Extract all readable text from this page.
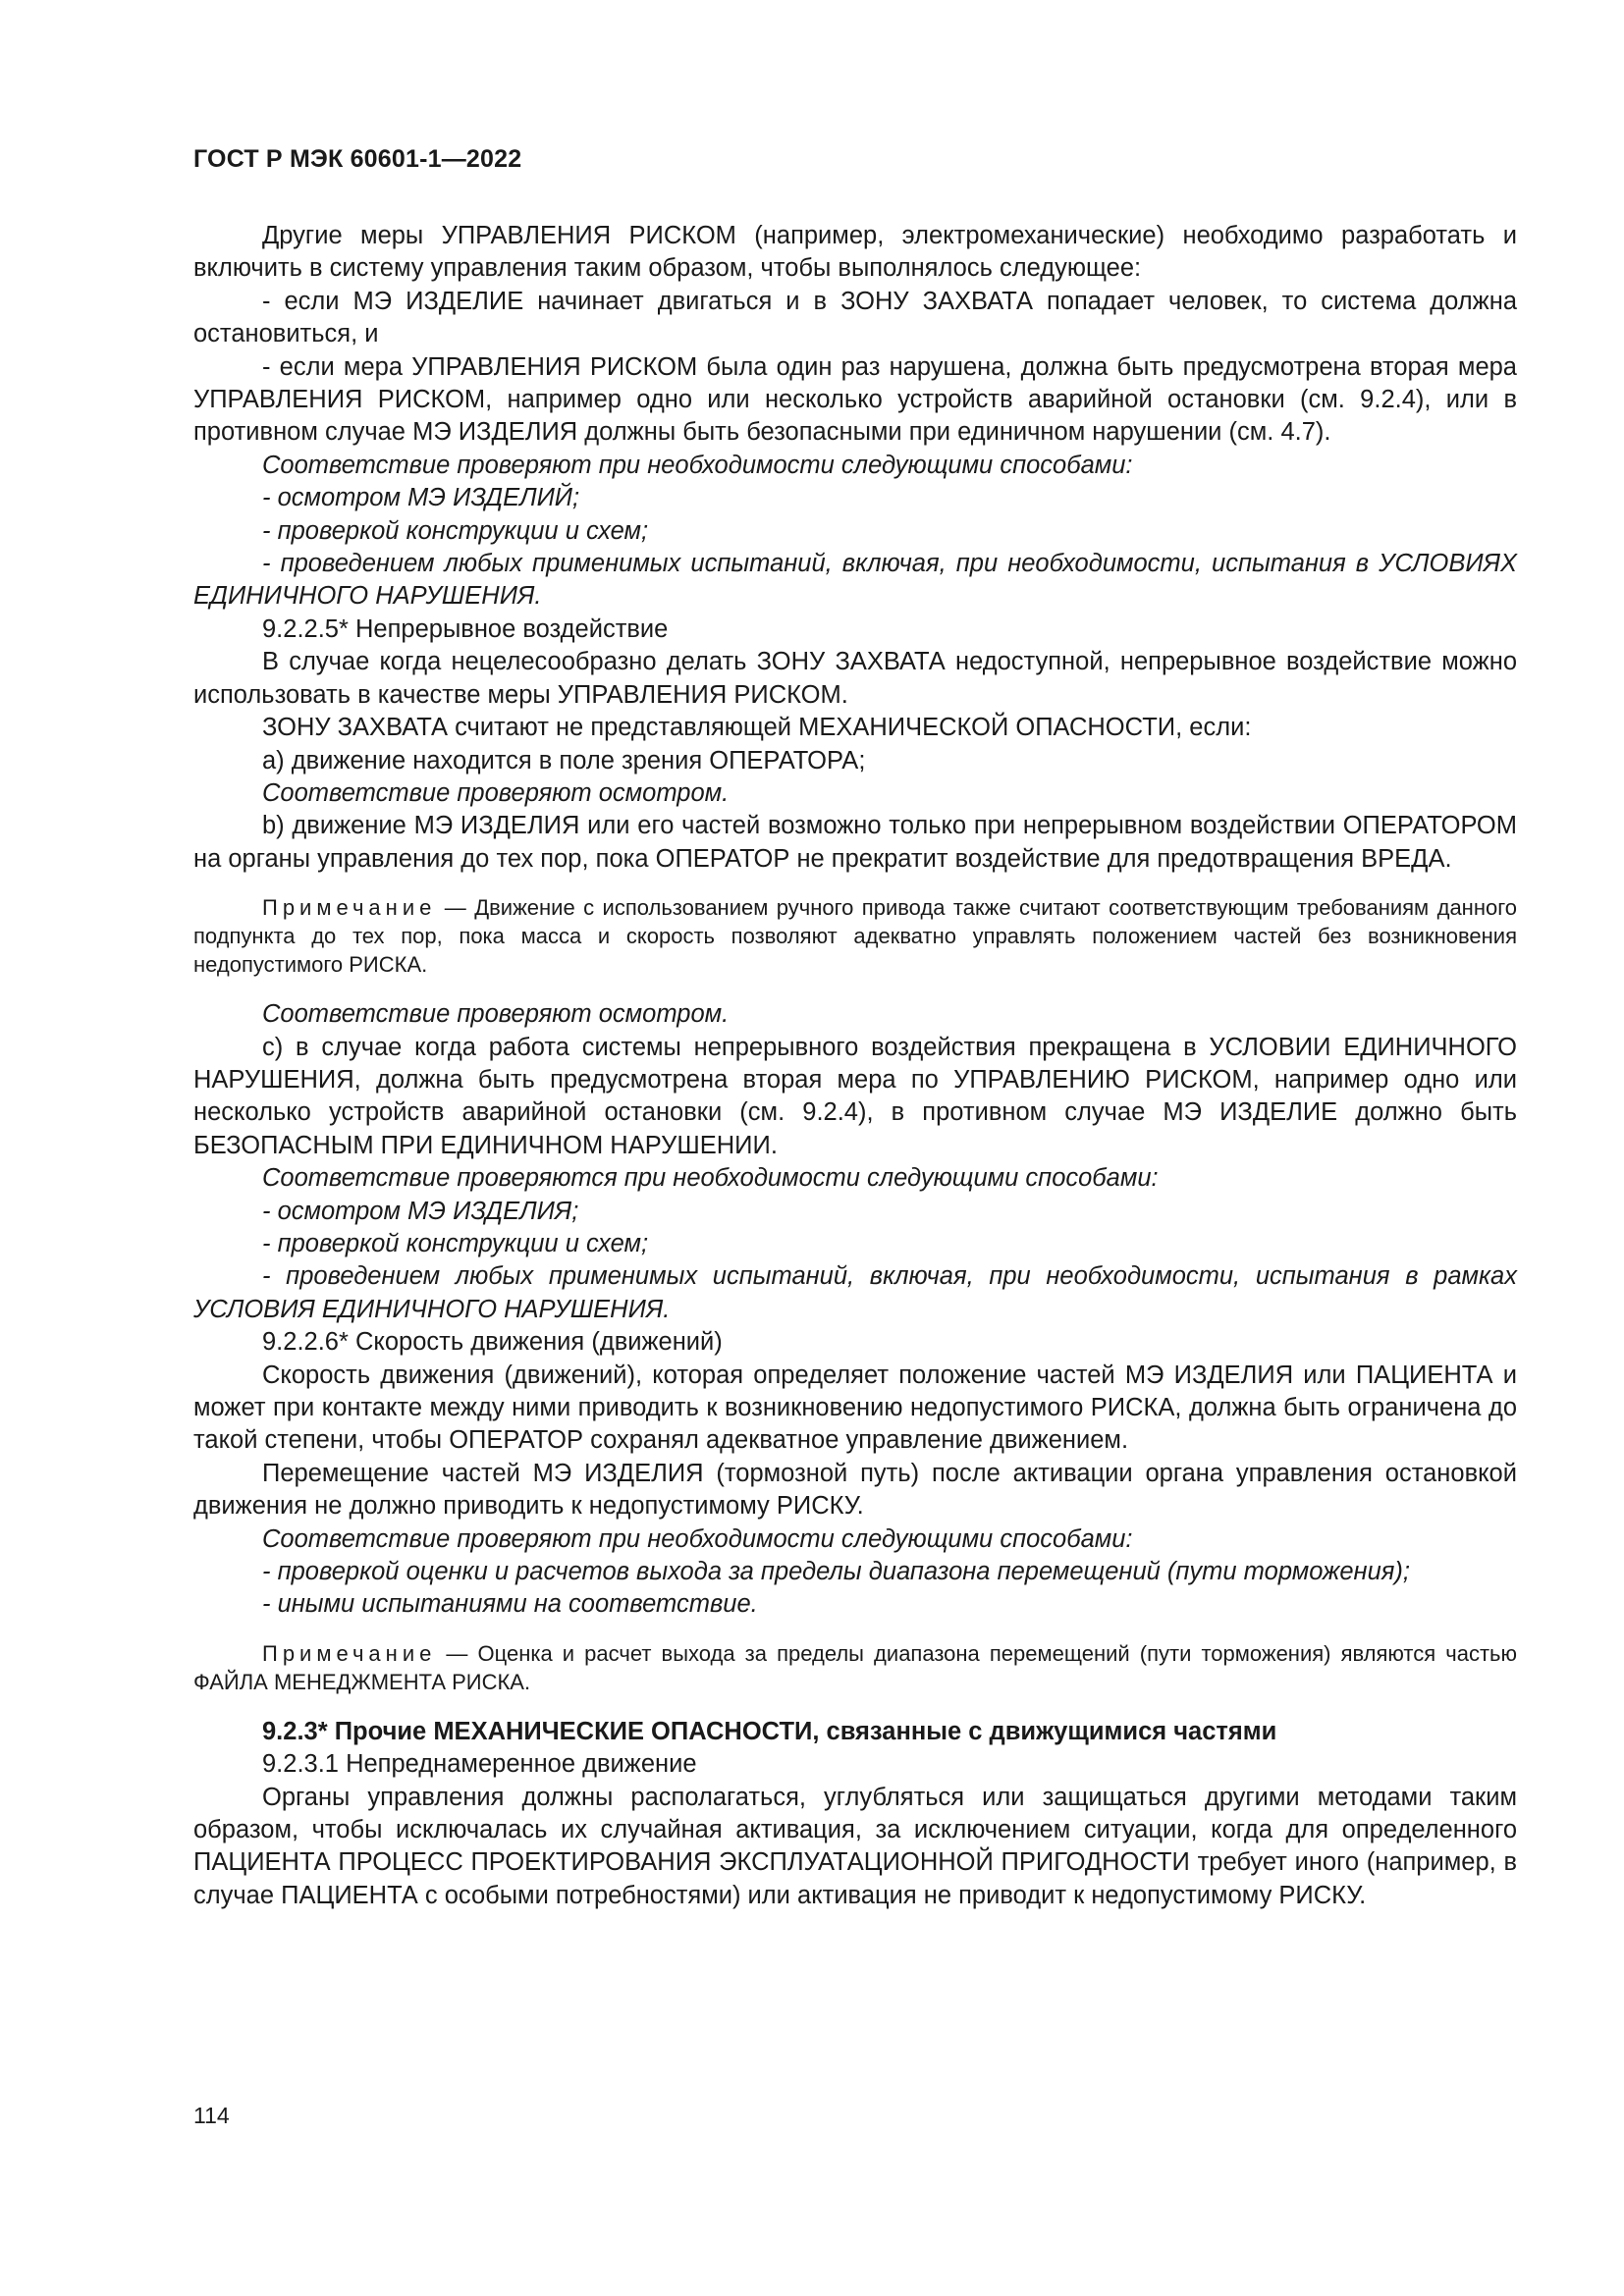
ГОСТ Р МЭК 60601-1—2022

Другие меры УПРАВЛЕНИЯ РИСКОМ (например, электромеханические) необходимо разработать и включить в систему управления таким образом, чтобы выполнялось следующее:

- если МЭ ИЗДЕЛИЕ начинает двигаться и в ЗОНУ ЗАХВАТА попадает человек, то система должна остановиться, и

- если мера УПРАВЛЕНИЯ РИСКОМ была один раз нарушена, должна быть предусмотрена вторая мера УПРАВЛЕНИЯ РИСКОМ, например одно или несколько устройств аварийной остановки (см. 9.2.4), или в противном случае МЭ ИЗДЕЛИЯ должны быть безопасными при единичном нарушении (см. 4.7).

Соответствие проверяют при необходимости следующими способами:

- осмотром МЭ ИЗДЕЛИЙ;

- проверкой конструкции и схем;

- проведением любых применимых испытаний, включая, при необходимости, испытания в УСЛОВИЯХ ЕДИНИЧНОГО НАРУШЕНИЯ.

9.2.2.5* Непрерывное воздействие

В случае когда нецелесообразно делать ЗОНУ ЗАХВАТА недоступной, непрерывное воздействие можно использовать в качестве меры УПРАВЛЕНИЯ РИСКОМ.

ЗОНУ ЗАХВАТА считают не представляющей МЕХАНИЧЕСКОЙ ОПАСНОСТИ, если:

a) движение находится в поле зрения ОПЕРАТОРА;

Соответствие проверяют осмотром.

b) движение МЭ ИЗДЕЛИЯ или его частей возможно только при непрерывном воздействии ОПЕРАТОРОМ на органы управления до тех пор, пока ОПЕРАТОР не прекратит воздействие для предотвращения ВРЕДА.

Примечание — Движение с использованием ручного привода также считают соответствующим требованиям данного подпункта до тех пор, пока масса и скорость позволяют адекватно управлять положением частей без возникновения недопустимого РИСКА.

Соответствие проверяют осмотром.

c) в случае когда работа системы непрерывного воздействия прекращена в УСЛОВИИ ЕДИНИЧНОГО НАРУШЕНИЯ, должна быть предусмотрена вторая мера по УПРАВЛЕНИЮ РИСКОМ, например одно или несколько устройств аварийной остановки (см. 9.2.4), в противном случае МЭ ИЗДЕЛИЕ должно быть БЕЗОПАСНЫМ ПРИ ЕДИНИЧНОМ НАРУШЕНИИ.

Соответствие проверяются при необходимости следующими способами:

- осмотром МЭ ИЗДЕЛИЯ;

- проверкой конструкции и схем;

- проведением любых применимых испытаний, включая, при необходимости, испытания в рамках УСЛОВИЯ ЕДИНИЧНОГО НАРУШЕНИЯ.

9.2.2.6* Скорость движения (движений)

Скорость движения (движений), которая определяет положение частей МЭ ИЗДЕЛИЯ или ПАЦИЕНТА и может при контакте между ними приводить к возникновению недопустимого РИСКА, должна быть ограничена до такой степени, чтобы ОПЕРАТОР сохранял адекватное управление движением.

Перемещение частей МЭ ИЗДЕЛИЯ (тормозной путь) после активации органа управления остановкой движения не должно приводить к недопустимому РИСКУ.

Соответствие проверяют при необходимости следующими способами:

- проверкой оценки и расчетов выхода за пределы диапазона перемещений (пути торможения);

- иными испытаниями на соответствие.

Примечание — Оценка и расчет выхода за пределы диапазона перемещений (пути торможения) являются частью ФАЙЛА МЕНЕДЖМЕНТА РИСКА.

9.2.3* Прочие МЕХАНИЧЕСКИЕ ОПАСНОСТИ, связанные с движущимися частями

9.2.3.1 Непреднамеренное движение

Органы управления должны располагаться, углубляться или защищаться другими методами таким образом, чтобы исключалась их случайная активация, за исключением ситуации, когда для определенного ПАЦИЕНТА ПРОЦЕСС ПРОЕКТИРОВАНИЯ ЭКСПЛУАТАЦИОННОЙ ПРИГОДНОСТИ требует иного (например, в случае ПАЦИЕНТА с особыми потребностями) или активация не приводит к недопустимому РИСКУ.

114
